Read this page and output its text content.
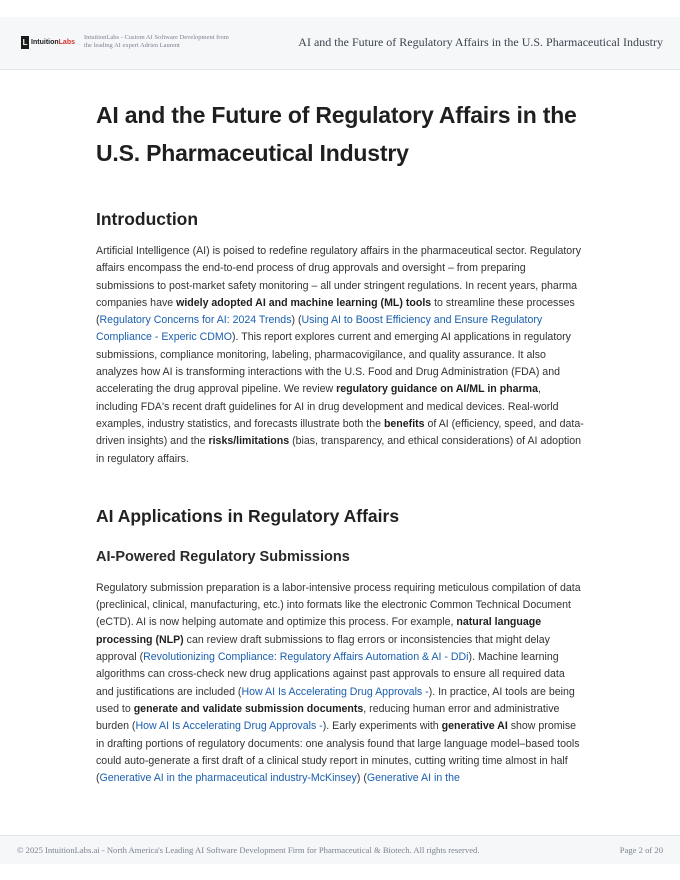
L IntuitionLabs
IntuitionLabs - Custom AI Software Development from the leading AI expert Adrien Laurent	AI and the Future of Regulatory Affairs in the U.S. Pharmaceutical Industry
AI and the Future of Regulatory Affairs in the U.S. Pharmaceutical Industry
Introduction

Artificial Intelligence (AI) is poised to redefine regulatory affairs in the pharmaceutical sector. Regulatory affairs encompass the end-to-end process of drug approvals and oversight – from preparing submissions to post-market safety monitoring – all under stringent regulations. In recent years, pharma companies have widely adopted AI and machine learning (ML) tools to streamline these processes (Regulatory Concerns for AI: 2024 Trends) (Using AI to Boost Efficiency and Ensure Regulatory Compliance - Experic CDMO). This report explores current and emerging AI applications in regulatory submissions, compliance monitoring, labeling, pharmacovigilance, and quality assurance. It also analyzes how AI is transforming interactions with the U.S. Food and Drug Administration (FDA) and accelerating the drug approval pipeline. We review regulatory guidance on AI/ML in pharma, including FDA's recent draft guidelines for AI in drug development and medical devices. Real-world examples, industry statistics, and forecasts illustrate both the benefits of AI (efficiency, speed, and data-driven insights) and the risks/limitations (bias, transparency, and ethical considerations) of AI adoption in regulatory affairs.

AI Applications in Regulatory Affairs
AI-Powered Regulatory Submissions

Regulatory submission preparation is a labor-intensive process requiring meticulous compilation of data (preclinical, clinical, manufacturing, etc.) into formats like the electronic Common Technical Document (eCTD). AI is now helping automate and optimize this process. For example, natural language processing (NLP) can review draft submissions to flag errors or inconsistencies that might delay approval (Revolutionizing Compliance: Regulatory Affairs Automation & AI - DDi). Machine learning algorithms can cross-check new drug applications against past approvals to ensure all required data and justifications are included (How AI Is Accelerating Drug Approvals -). In practice, AI tools are being used to generate and validate submission documents, reducing human error and administrative burden (How AI Is Accelerating Drug Approvals -). Early experiments with generative AI show promise in drafting portions of regulatory documents: one analysis found that large language model–based tools could auto-generate a first draft of a clinical study report in minutes, cutting writing time almost in half (Generative AI in the pharmaceutical industry-McKinsey) (Generative AI in the

© 2025 IntuitionLabs.ai - North America's Leading AI Software Development Firm for Pharmaceutical & Biotech. All rights reserved.	Page 2 of 20
